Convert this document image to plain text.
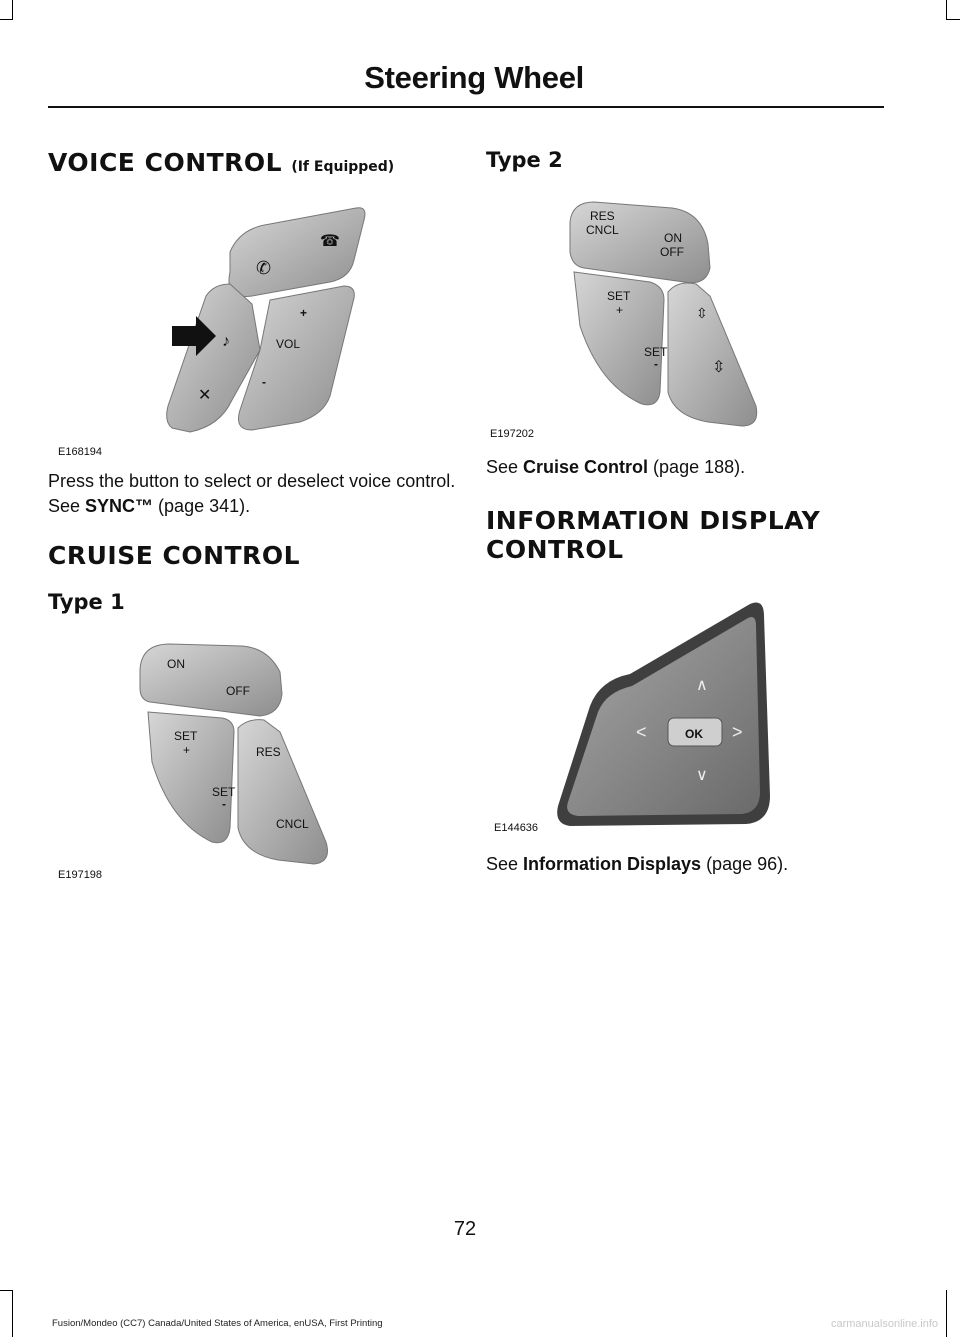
Steering Wheel
VOICE CONTROL (If Equipped)
+
VOL
-
✆
☎
♪
✕
E168194
Press the button to select or deselect voice control. See SYNC™ (page 341).
CRUISE CONTROL
Type 1
ON
OFF
SET
+	RES
SET
-
CNCL
E197198
Type 2
RES
CNCL
ON
OFF
SET
+
SET
-
⇳
⇳
E197202
See Cruise Control (page 188).
INFORMATION DISPLAY
CONTROL
OK
∧
∨
<	>
E144636
See Information Displays (page 96).
72
Fusion/Mondeo (CC7) Canada/United States of America, enUSA, First Printing	carmanualsonline.info
